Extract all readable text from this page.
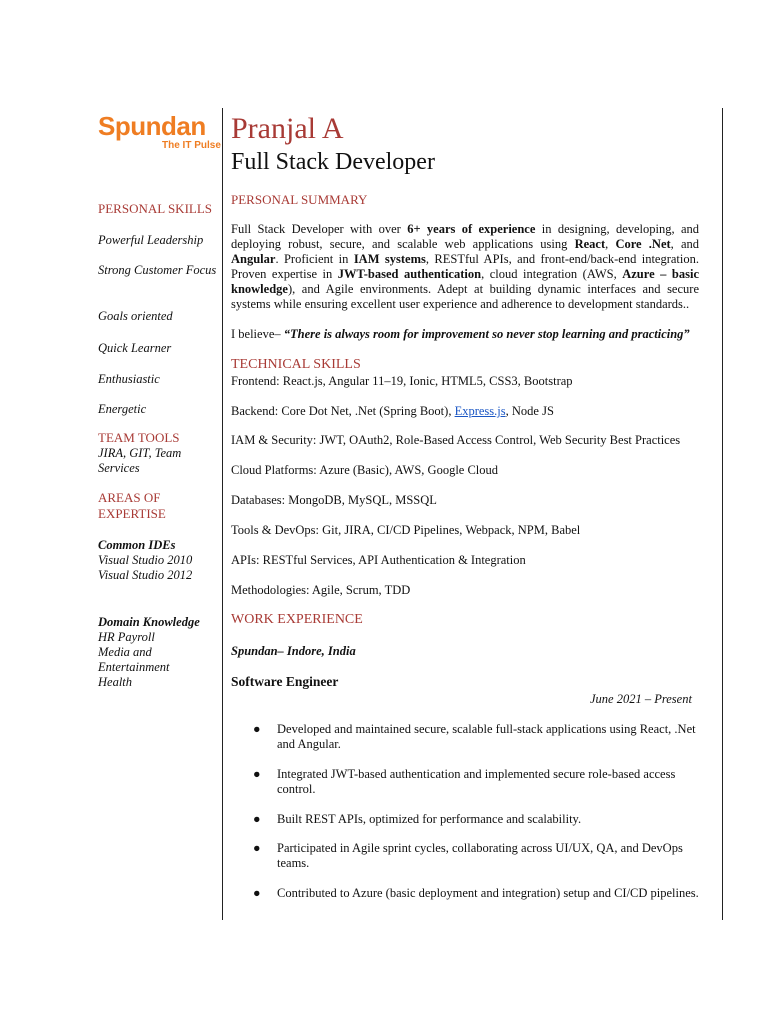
Spundan
The IT Pulse
Pranjal A
Full Stack Developer
PERSONAL SKILLS
Powerful Leadership
Strong Customer Focus
Goals oriented
Quick Learner
Enthusiastic
Energetic
TEAM TOOLS
JIRA, GIT, Team Services
AREAS OF EXPERTISE
Common IDEs
Visual Studio 2010
Visual Studio 2012
Domain Knowledge
HR Payroll
Media and Entertainment
Health
PERSONAL SUMMARY
Full Stack Developer with over 6+ years of experience in designing, developing, and deploying robust, secure, and scalable web applications using React, Core .Net, and Angular. Proficient in IAM systems, RESTful APIs, and front-end/back-end integration. Proven expertise in JWT-based authentication, cloud integration (AWS, Azure – basic knowledge), and Agile environments. Adept at building dynamic interfaces and secure systems while ensuring excellent user experience and adherence to development standards..
I believe– “There is always room for improvement so never stop learning and practicing”
TECHNICAL SKILLS
Frontend: React.js, Angular 11–19, Ionic, HTML5, CSS3, Bootstrap
Backend: Core Dot Net, .Net (Spring Boot), Express.js, Node JS
IAM & Security: JWT, OAuth2, Role-Based Access Control, Web Security Best Practices
Cloud Platforms: Azure (Basic), AWS, Google Cloud
Databases: MongoDB, MySQL, MSSQL
Tools & DevOps: Git, JIRA, CI/CD Pipelines, Webpack, NPM, Babel
APIs: RESTful Services, API Authentication & Integration
Methodologies: Agile, Scrum, TDD
WORK EXPERIENCE
Spundan– Indore, India
Software Engineer
June 2021 – Present
●	Developed and maintained secure, scalable full-stack applications using React, .Net and Angular.
●	Integrated JWT-based authentication and implemented secure role-based access control.
●	Built REST APIs, optimized for performance and scalability.
●	Participated in Agile sprint cycles, collaborating across UI/UX, QA, and DevOps teams.
●	Contributed to Azure (basic deployment and integration) setup and CI/CD pipelines.
